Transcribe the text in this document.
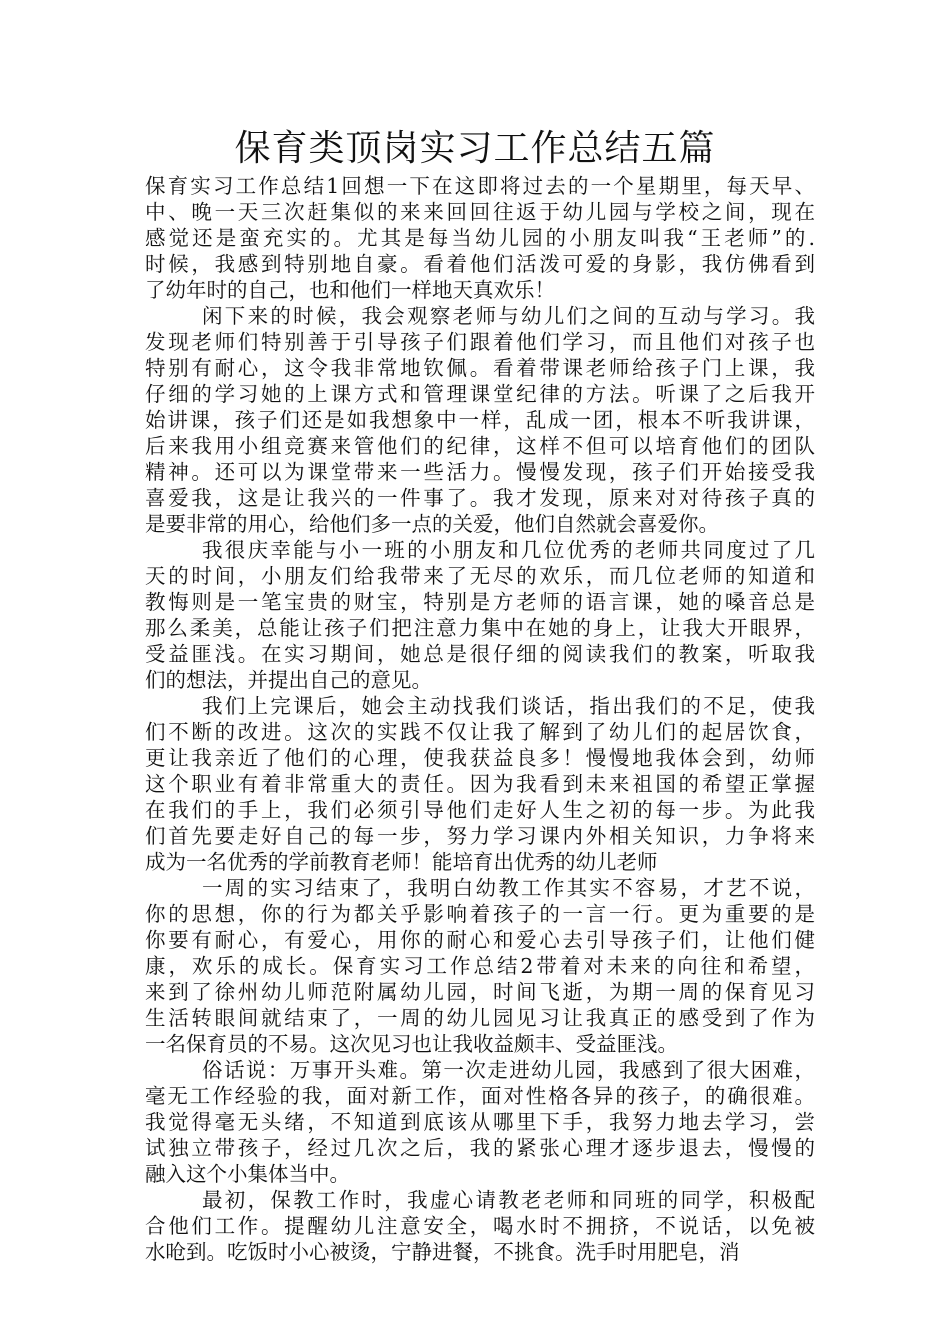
保育类顶岗实习工作总结五篇
保育实习工作总结1回想一下在这即将过去的一个星期里，每天早、
中、晚一天三次赶集似的来来回回往返于幼儿园与学校之间，现在
感觉还是蛮充实的。尤其是每当幼儿园的小朋友叫我“王老师”的.
时候，我感到特别地自豪。看着他们活泼可爱的身影，我仿佛看到
了幼年时的自己，也和他们一样地天真欢乐！
闲下来的时候，我会观察老师与幼儿们之间的互动与学习。我
发现老师们特别善于引导孩子们跟着他们学习，而且他们对孩子也
特别有耐心，这令我非常地钦佩。看着带课老师给孩子门上课，我
仔细的学习她的上课方式和管理课堂纪律的方法。听课了之后我开
始讲课，孩子们还是如我想象中一样，乱成一团，根本不听我讲课，
后来我用小组竞赛来管他们的纪律，这样不但可以培育他们的团队
精神。还可以为课堂带来一些活力。慢慢发现，孩子们开始接受我
喜爱我，这是让我兴的一件事了。我才发现，原来对对待孩子真的
是要非常的用心，给他们多一点的关爱，他们自然就会喜爱你。
我很庆幸能与小一班的小朋友和几位优秀的老师共同度过了几
天的时间，小朋友们给我带来了无尽的欢乐，而几位老师的知道和
教悔则是一笔宝贵的财宝，特别是方老师的语言课，她的嗓音总是
那么柔美，总能让孩子们把注意力集中在她的身上，让我大开眼界，
受益匪浅。在实习期间，她总是很仔细的阅读我们的教案，听取我
们的想法，并提出自己的意见。
我们上完课后，她会主动找我们谈话，指出我们的不足，使我
们不断的改进。这次的实践不仅让我了解到了幼儿们的起居饮食，
更让我亲近了他们的心理，使我获益良多！慢慢地我体会到，幼师
这个职业有着非常重大的责任。因为我看到未来祖国的希望正掌握
在我们的手上，我们必须引导他们走好人生之初的每一步。为此我
们首先要走好自己的每一步，努力学习课内外相关知识，力争将来
成为一名优秀的学前教育老师！能培育出优秀的幼儿老师
一周的实习结束了，我明白幼教工作其实不容易，才艺不说，
你的思想，你的行为都关乎影响着孩子的一言一行。更为重要的是
你要有耐心，有爱心，用你的耐心和爱心去引导孩子们，让他们健
康，欢乐的成长。保育实习工作总结2带着对未来的向往和希望，
来到了徐州幼儿师范附属幼儿园，时间飞逝，为期一周的保育见习
生活转眼间就结束了，一周的幼儿园见习让我真正的感受到了作为
一名保育员的不易。这次见习也让我收益颇丰、受益匪浅。
俗话说：万事开头难。第一次走进幼儿园，我感到了很大困难，
毫无工作经验的我，面对新工作，面对性格各异的孩子，的确很难。
我觉得毫无头绪，不知道到底该从哪里下手，我努力地去学习，尝
试独立带孩子，经过几次之后，我的紧张心理才逐步退去，慢慢的
融入这个小集体当中。
最初，保教工作时，我虚心请教老老师和同班的同学，积极配
合他们工作。提醒幼儿注意安全，喝水时不拥挤，不说话，以免被
水呛到。吃饭时小心被烫，宁静进餐，不挑食。洗手时用肥皂，消
